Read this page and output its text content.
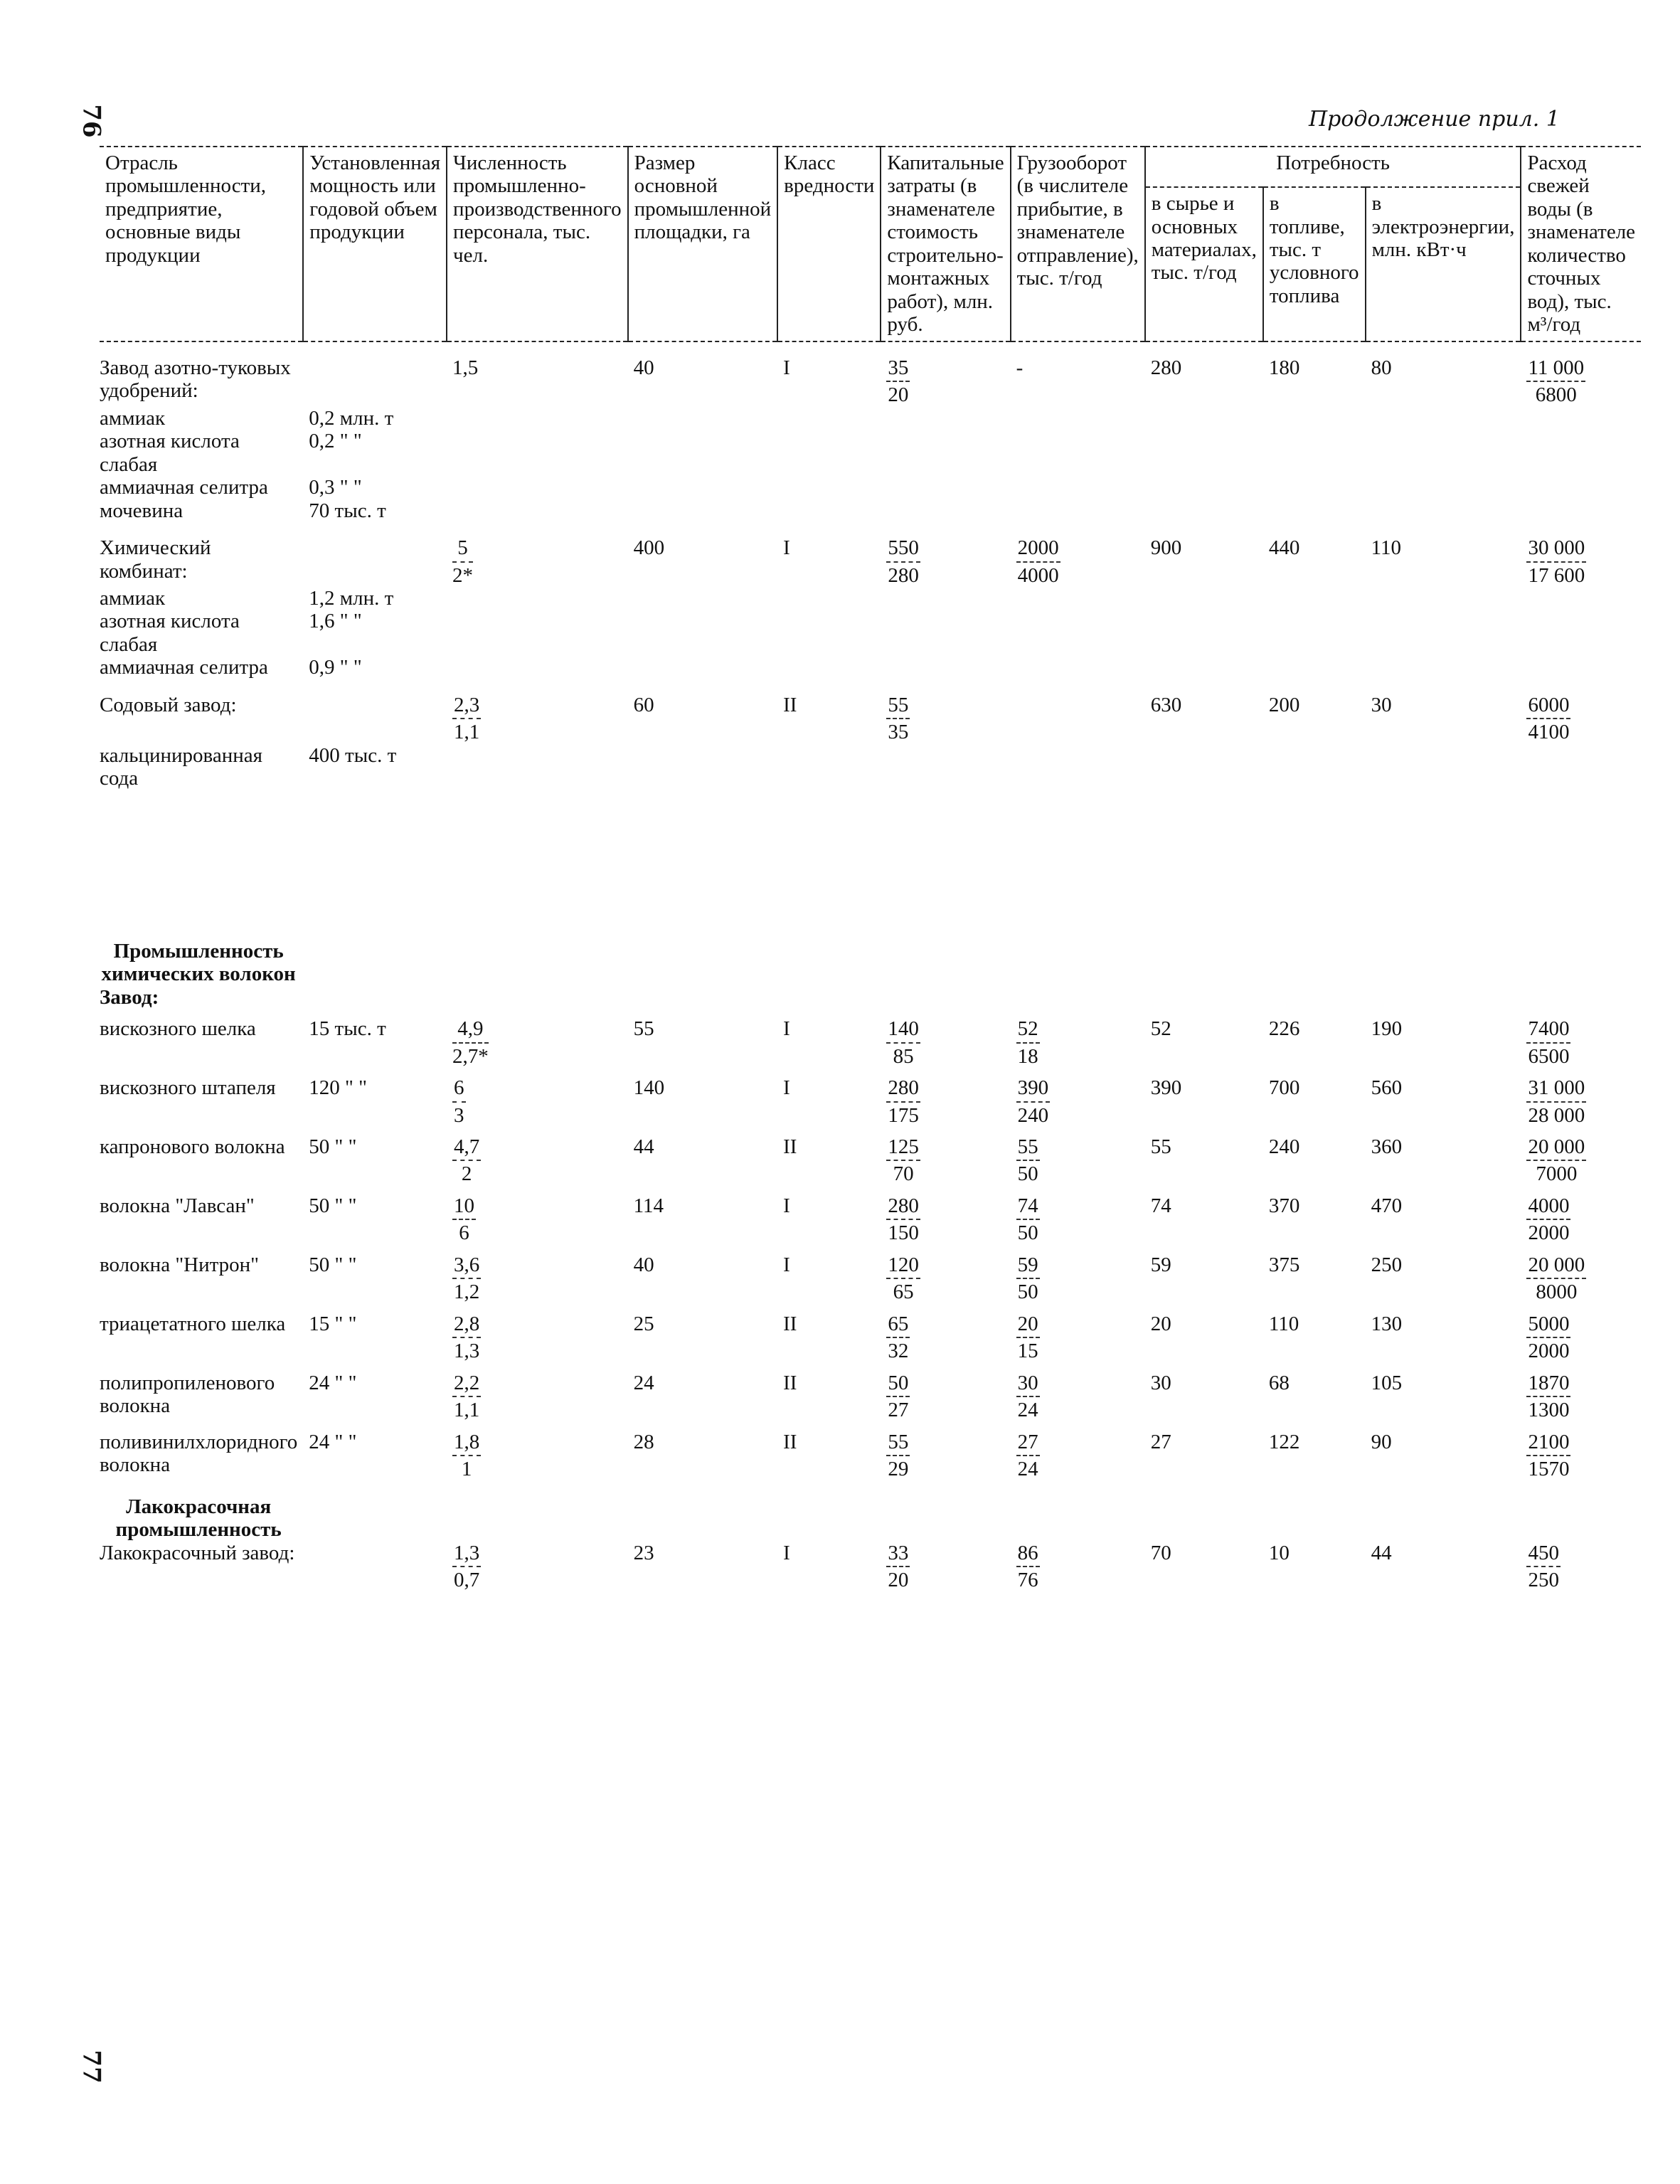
76	Продолжение прил. 1
Отрасль промышленности, предприятие, основные виды продукции	Установленная мощность или годовой объем продукции	Численность промышленно-производственного персонала, тыс. чел.	Размер основной промышленной площадки, га	Класс вредности	Капитальные затраты (в знаменателе стоимость строительно-монтажных работ), млн. руб.	Грузооборот (в числителе прибытие, в знаменателе отправление), тыс. т/год	Потребность			Расход свежей воды (в знаменателе количество сточных вод), тыс. м³/год
							в сырье и основных материалах, тыс. т/год	в топливе, тыс. т условного топлива	в электроэнергии, млн. кВт·ч	

Завод азотно-туковых удобрений:		1,5	40	I	$\frac{35}{20}$	-	280	180	80	$\frac{11 000}{6800}$

аммиак	0,2 млн. т									
азотная кислота слабая	0,2 " "									
аммиачная селитра	0,3 " "									
мочевина	70 тыс. т									

Химический комбинат:		$\frac{5}{2*}$	400	I	$\frac{550}{280}$	$\frac{2000}{4000}$	900	440	110	$\frac{30 000}{17 600}$

аммиак	1,2 млн. т									
азотная кислота слабая	1,6 " "									
аммиачная селитра	0,9 " "									

Содовый завод:		$\frac{2,3}{1,1}$	60	II	$\frac{55}{35}$		630	200	30	$\frac{6000}{4100}$

кальцинированная сода	400 тыс. т									

Промышленность химических волокон										
Завод:										
вискозного шелка	15 тыс. т	$\frac{4,9}{2,7*}$	55	I	$\frac{140}{85}$	$\frac{52}{18}$	52	226	190	$\frac{7400}{6500}$

вискозного штапеля	120 " "	$\frac{6}{3}$	140	I	$\frac{280}{175}$	$\frac{390}{240}$	390	700	560	$\frac{31 000}{28 000}$

капронового волокна	50 " "	$\frac{4,7}{2}$	44	II	$\frac{125}{70}$	$\frac{55}{50}$	55	240	360	$\frac{20 000}{7000}$

волокна "Лавсан"	50 " "	$\frac{10}{6}$	114	I	$\frac{280}{150}$	$\frac{74}{50}$	74	370	470	$\frac{4000}{2000}$

волокна "Нитрон"	50 " "	$\frac{3,6}{1,2}$	40	I	$\frac{120}{65}$	$\frac{59}{50}$	59	375	250	$\frac{20 000}{8000}$

триацетатного шелка	15 " "	$\frac{2,8}{1,3}$	25	II	$\frac{65}{32}$	$\frac{20}{15}$	20	110	130	$\frac{5000}{2000}$

полипропиленового волокна	24 " "	$\frac{2,2}{1,1}$	24	II	$\frac{50}{27}$	$\frac{30}{24}$	30	68	105	$\frac{1870}{1300}$

поливинилхлоридного волокна	24 " "	$\frac{1,8}{1}$	28	II	$\frac{55}{29}$	$\frac{27}{24}$	27	122	90	$\frac{2100}{1570}$

Лакокрасочная промышленность										
Лакокрасочный завод:		$\frac{1,3}{0,7}$	23	I	$\frac{33}{20}$	$\frac{86}{76}$	70	10	44	$\frac{450}{250}$
77
